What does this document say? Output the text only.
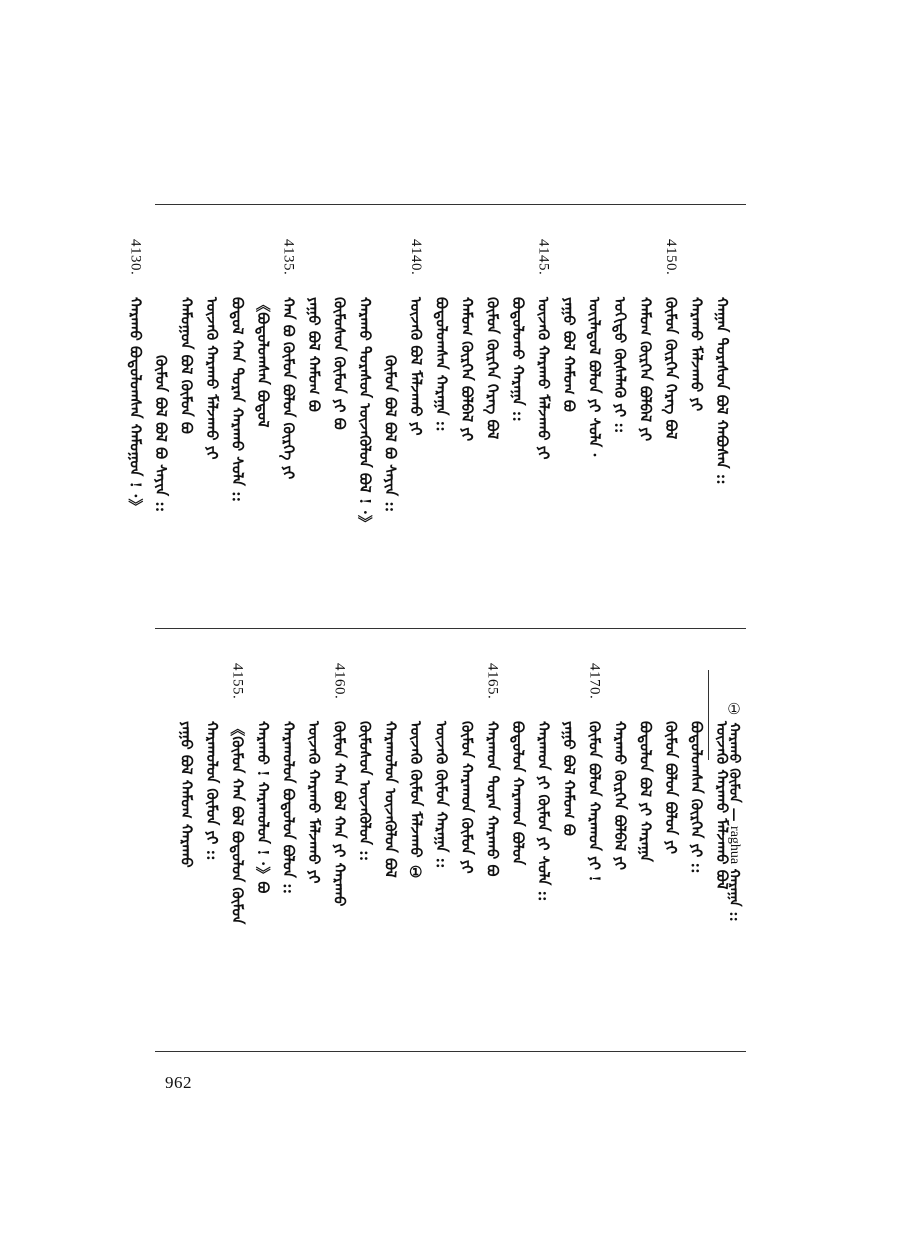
ᠬᠠᠭᠠᠨ ᠳᠤᠷᠠᠰᠤᠨ ᠪᠣᠯ ᠬᠠᠪᠤᠰᠠᠨ ::
ᠬᠠᠷᠠᠬᠤ ᠮᠠᠯᠵᠠᠬᠤ ᠶᠢ
4150.
ᠬᠦᠮᠦᠨ ᠬᠦᠷᠭᠡᠨ ᠬᠡᠷᠡᠭ ᠪᠣᠯ
ᠬᠠᠮᠤᠭ ᠬᠦᠷᠭᠡᠨ ᠪᠣᠯᠪᠠᠯ ᠶᠢ
ᠣᠬᠢᠳᠤ ᠬᠦᠰᠡᠯᠡᠬᠦ ᠶᠢ ::
ᠦᠢᠯᠡᠳᠦᠯ ᠪᠣᠯᠤᠨ ᠶᠢ ᠰᠤᠯᠠ ·
ᠶᠠᠭᠤ ᠪᠣᠯ ᠬᠠᠮᠤᠭ ᠪᠣ
4145.
ᠦᠵᠡᠬᠦ ᠬᠠᠷᠠᠬᠤ ᠮᠠᠯᠵᠠᠬᠤ ᠶᠢ
ᠪᠣᠳᠤᠯᠤᠬᠤ ᠬᠠᠷᠠᠭᠠ ::
ᠬᠦᠮᠦᠨ ᠬᠦᠷᠭᠡᠨ ᠬᠡᠷᠡᠭ ᠪᠣᠯ
ᠬᠠᠮᠤᠭ ᠬᠦᠷᠭᠡᠨ ᠪᠣᠯᠪᠠᠯ ᠶᠢ
ᠪᠣᠳᠤᠯᠤᠭᠰᠠᠨ ᠬᠠᠷᠠᠭᠠ ::
4140.
ᠦᠵᠡᠬᠦ ᠪᠣᠯ ᠮᠠᠯᠵᠠᠬᠤ ᠶᠢ
ᠬᠦᠮᠦᠨ ᠪᠣᠯ ᠪᠣᠯ ᠪᠣ ᠰᠠᠶᠢᠨ ::
ᠬᠠᠷᠠᠬᠤ ᠳᠤᠷᠠᠰᠤᠨ ᠦᠵᠡᠬᠦᠯᠦᠨ ᠪᠣᠯ ! ·》
ᠬᠦᠮᠦᠰᠦᠨ ᠬᠦᠮᠦᠨ ᠶᠢ ᠪᠣ
ᠶᠠᠭᠤ ᠪᠣᠯ ᠬᠠᠮᠤᠭ ᠪᠣ
4135.
ᠬᠠᠨ ᠪᠣ ᠬᠦᠮᠦᠨ ᠪᠣᠯᠤᠨ ᠬᠦᠷᠭᠡ ᠶᠢ
《ᠪᠣᠳᠤᠯᠤᠭᠰᠠᠨ ᠪᠣᠳᠤᠯ
ᠪᠣᠳᠤᠯ ᠬᠠᠨ ᠳᠤᠷᠠᠨ ᠬᠠᠷᠠᠬᠤ ᠰᠤᠯᠠ ::
ᠦᠵᠡᠬᠦ ᠬᠠᠷᠠᠬᠤ ᠮᠠᠯᠵᠠᠬᠤ ᠶᠢ
ᠬᠠᠮᠤᠭᠤᠨ ᠪᠣᠯ ᠬᠦᠮᠦᠨ ᠪᠣ
ᠬᠦᠮᠦᠨ ᠪᠣᠯ ᠪᠣᠯ ᠪᠣ ᠰᠠᠶᠢᠨ ::
4130.
ᠬᠠᠷᠠᠬᠤ ᠪᠣᠳᠤᠯᠤᠭᠰᠠᠨ ᠬᠠᠮᠤᠭᠤᠨ ! ·》
ᠦᠵᠡᠬᠦ ᠬᠠᠷᠠᠬᠤ ᠮᠠᠯᠵᠠᠬᠤ ᠪᠣᠯ
ᠪᠣᠳᠤᠯᠤᠭᠰᠠᠨ ᠬᠦᠷᠭᠡᠨ ᠶᠢ ::
ᠬᠦᠮᠦᠨ ᠪᠣᠯᠤᠨ ᠪᠣᠯᠤᠨ ᠶᠢ
ᠪᠣᠳᠤᠯᠤᠨ ᠪᠣᠯ ᠶᠢ ᠬᠠᠷᠠᠭᠠ
ᠬᠠᠷᠠᠬᠤ ᠬᠦᠷᠭᠡᠨ ᠪᠣᠯᠪᠠᠯ ᠶᠢ
4170.
ᠬᠦᠮᠦᠨ ᠪᠣᠯᠤᠨ ᠬᠠᠷᠠᠬᠤᠨ ᠶᠢ !
ᠶᠠᠭᠤ ᠪᠣᠯ ᠬᠠᠮᠤᠭ ᠪᠣ
ᠬᠠᠷᠠᠬᠤᠨ ᠶᠢ ᠬᠦᠮᠦᠨ ᠶᠢ ᠰᠤᠯᠠ ::
ᠪᠣᠳᠤᠯᠤᠨ ᠬᠠᠷᠠᠬᠤᠨ ᠪᠣᠯᠤᠨ
4165.
ᠬᠠᠷᠠᠬᠤᠨ ᠳᠤᠷᠠᠨ ᠬᠠᠷᠠᠬᠤ ᠪᠣ
ᠬᠦᠮᠦᠨ ᠬᠠᠷᠠᠬᠤᠨ ᠬᠦᠮᠦᠨ ᠶᠢ
ᠦᠵᠡᠬᠦ ᠬᠦᠮᠦᠨ ᠬᠠᠷᠠᠭᠠ ::
ᠦᠵᠡᠬᠦ ᠬᠦᠮᠦᠨ ᠮᠠᠯᠵᠠᠬᠤ ①
ᠬᠠᠷᠠᠬᠤᠯᠤᠨ ᠦᠵᠡᠬᠦᠯᠦᠨ ᠪᠣᠯ
ᠬᠦᠮᠦᠰᠦᠨ ᠦᠵᠡᠬᠦᠯᠦᠨ ::
4160.
ᠬᠦᠮᠦᠨ ᠬᠠᠨ ᠪᠣᠯ ᠬᠠᠨ ᠶᠢ ᠬᠠᠷᠠᠬᠤ
ᠦᠵᠡᠬᠦ ᠬᠠᠷᠠᠬᠤ ᠮᠠᠯᠵᠠᠬᠤ ᠶᠢ
ᠬᠠᠷᠠᠬᠤᠯᠤᠨ ᠪᠣᠳᠤᠯᠤᠨ ᠪᠣᠯᠤᠨ ::
ᠬᠠᠷᠠᠬᠤ ! ᠬᠠᠷᠠᠬᠤᠯᠤᠨ ! ·》ᠪᠣ
4155.
《ᠬᠦᠮᠦᠨ ᠬᠠᠨ ᠪᠣᠯ ᠪᠣᠳᠤᠯᠤᠨ ᠬᠦᠮᠦᠨ
ᠬᠠᠷᠠᠬᠤᠯᠤᠨ ᠬᠦᠮᠦᠨ ᠶᠢ ::
ᠶᠠᠭᠤ ᠪᠣᠯ ᠬᠠᠮᠤᠭ ᠬᠠᠷᠠᠬᠤ
① ᠬᠠᠷᠠᠬᠤ ᠬᠦᠮᠦᠨ — raghua ᠬᠠᠷᠠᠭᠠ ::
962
